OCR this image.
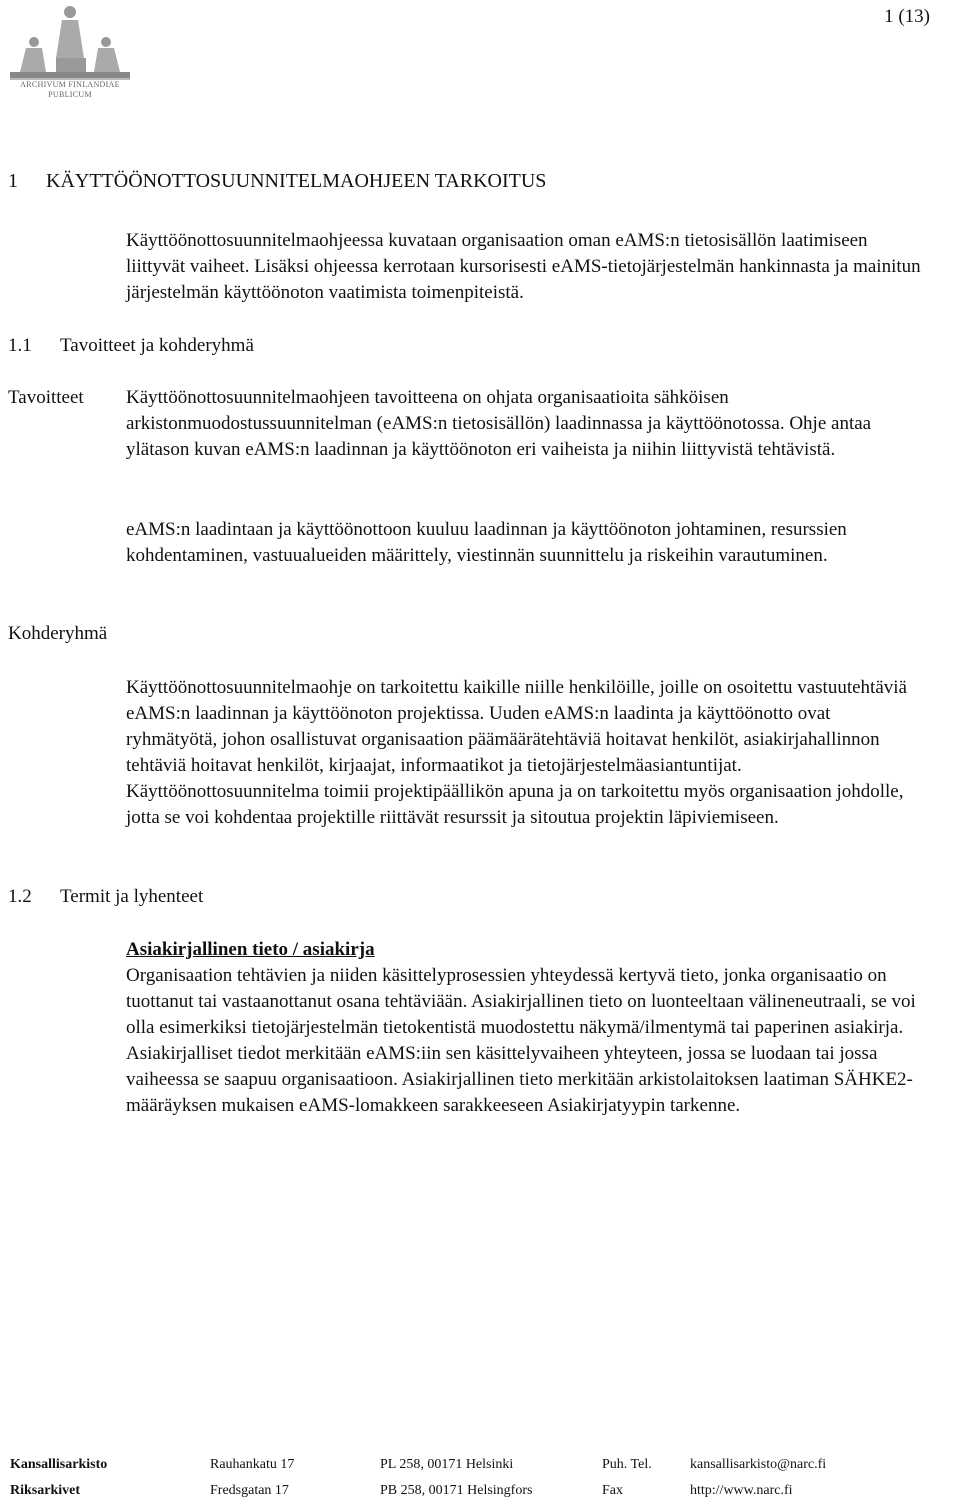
1 (13)
ARCHIVUM FINLANDIAE PUBLICUM
1 KÄYTTÖÖNOTTOSUUNNITELMAOHJEEN TARKOITUS

Käyttöönottosuunnitelmaohjeessa kuvataan organisaation oman eAMS:n tietosisällön laatimiseen liittyvät vaiheet. Lisäksi ohjeessa kerrotaan kursorisesti eAMS-tietojärjestelmän hankinnasta ja mainitun järjestelmän käyttöönoton vaatimista toimenpiteistä.

1.1 Tavoitteet ja kohderyhmä
Tavoitteet Käyttöönottosuunnitelmaohjeen tavoitteena on ohjata organisaatioita sähköisen arkistonmuodostussuunnitelman (eAMS:n tietosisällön) laadinnassa ja käyttöönotossa. Ohje antaa ylätason kuvan eAMS:n laadinnan ja käyttöönoton eri vaiheista ja niihin liittyvistä tehtävistä.

eAMS:n laadintaan ja käyttöönottoon kuuluu laadinnan ja käyttöönoton johtaminen, resurssien kohdentaminen, vastuualueiden määrittely, viestinnän suunnittelu ja riskeihin varautuminen.

Kohderyhmä

Käyttöönottosuunnitelmaohje on tarkoitettu kaikille niille henkilöille, joille on osoitettu vastuutehtäviä eAMS:n laadinnan ja käyttöönoton projektissa. Uuden eAMS:n laadinta ja käyttöönotto ovat ryhmätyötä, johon osallistuvat organisaation päämäärätehtäviä hoitavat henkilöt, asiakirjahallinnon tehtäviä hoitavat henkilöt, kirjaajat, informaatikot ja tietojärjestelmäasiantuntijat. Käyttöönottosuunnitelma toimii projektipäällikön apuna ja on tarkoitettu myös organisaation johdolle, jotta se voi kohdentaa projektille riittävät resurssit ja sitoutua projektin läpiviemiseen.

1.2 Termit ja lyhenteet

Asiakirjallinen tieto / asiakirja

Organisaation tehtävien ja niiden käsittelyprosessien yhteydessä kertyvä tieto, jonka organisaatio on tuottanut tai vastaanottanut osana tehtäviään. Asiakirjallinen tieto on luonteeltaan välineneutraali, se voi olla esimerkiksi tietojärjestelmän tietokentistä muodostettu näkymä/ilmentymä tai paperinen asiakirja. Asiakirjalliset tiedot merkitään eAMS:iin sen käsittelyvaiheen yhteyteen, jossa se luodaan tai jossa vaiheessa se saapuu organisaatioon. Asiakirjallinen tieto merkitään arkistolaitoksen laatiman SÄHKE2-määräyksen mukaisen eAMS-lomakkeen sarakkeeseen Asiakirjatyypin tarkenne.

Kansallisarkisto	Rauhankatu 17	PL 258, 00171 Helsinki	Puh. Tel.	kansallisarkisto@narc.fi
Riksarkivet	Fredsgatan 17	PB 258, 00171 Helsingfors	Fax	http://www.narc.fi
